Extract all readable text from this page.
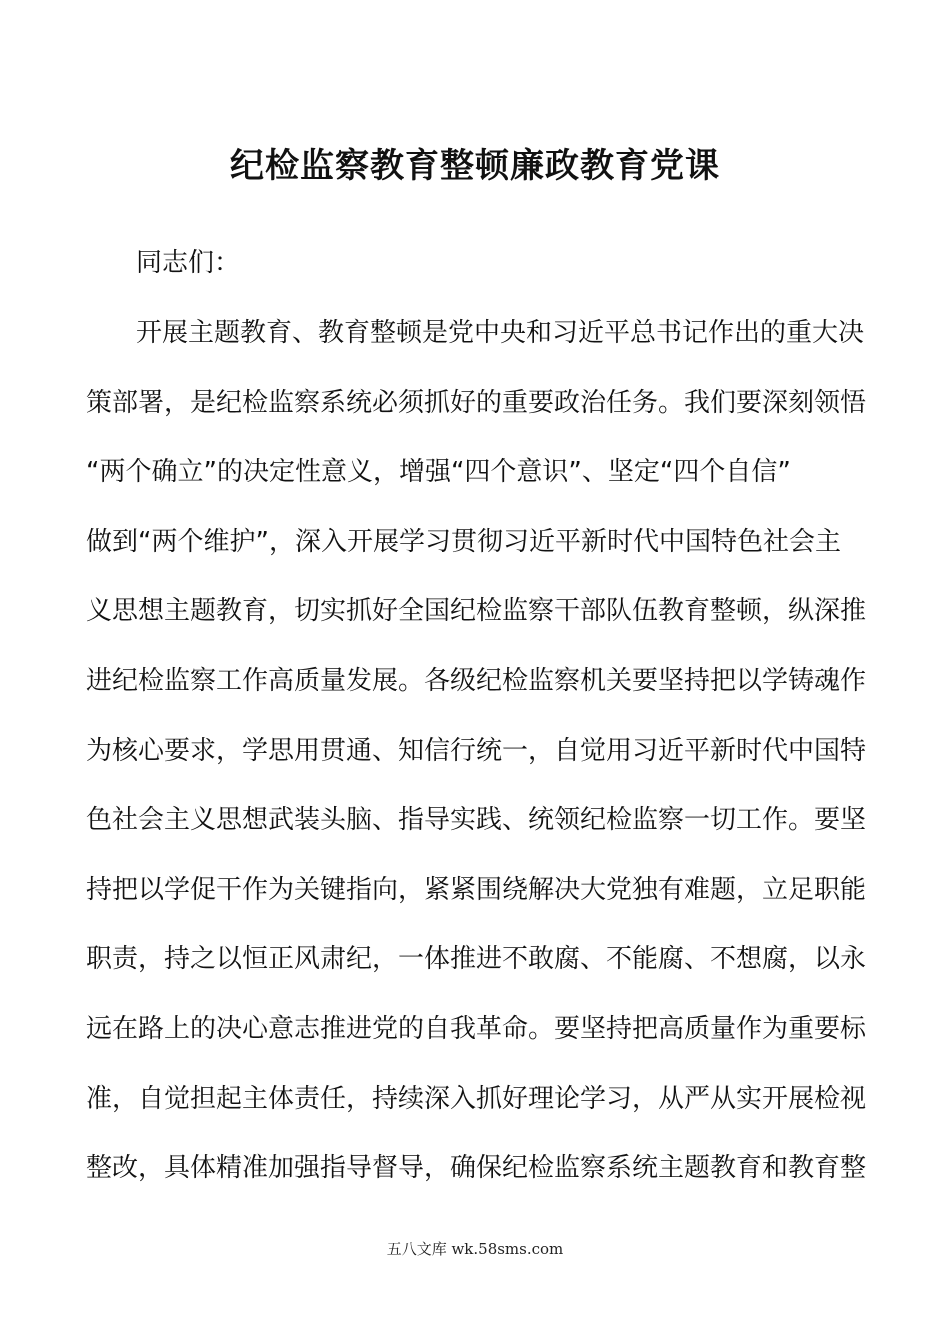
纪检监察教育整顿廉政教育党课

同志们：

开展主题教育、教育整顿是党中央和习近平总书记作出的重大决
策部署，是纪检监察系统必须抓好的重要政治任务。我们要深刻领悟
“两个确立”的决定性意义，增强“四个意识”、坚定“四个自信”
做到“两个维护”，深入开展学习贯彻习近平新时代中国特色社会主
义思想主题教育，切实抓好全国纪检监察干部队伍教育整顿，纵深推
进纪检监察工作高质量发展。各级纪检监察机关要坚持把以学铸魂作
为核心要求，学思用贯通、知信行统一，自觉用习近平新时代中国特
色社会主义思想武装头脑、指导实践、统领纪检监察一切工作。要坚
持把以学促干作为关键指向，紧紧围绕解决大党独有难题，立足职能
职责，持之以恒正风肃纪，一体推进不敢腐、不能腐、不想腐，以永
远在路上的决心意志推进党的自我革命。要坚持把高质量作为重要标
准，自觉担起主体责任，持续深入抓好理论学习，从严从实开展检视
整改，具体精准加强指导督导，确保纪检监察系统主题教育和教育整
五八文库 wk.58sms.com
